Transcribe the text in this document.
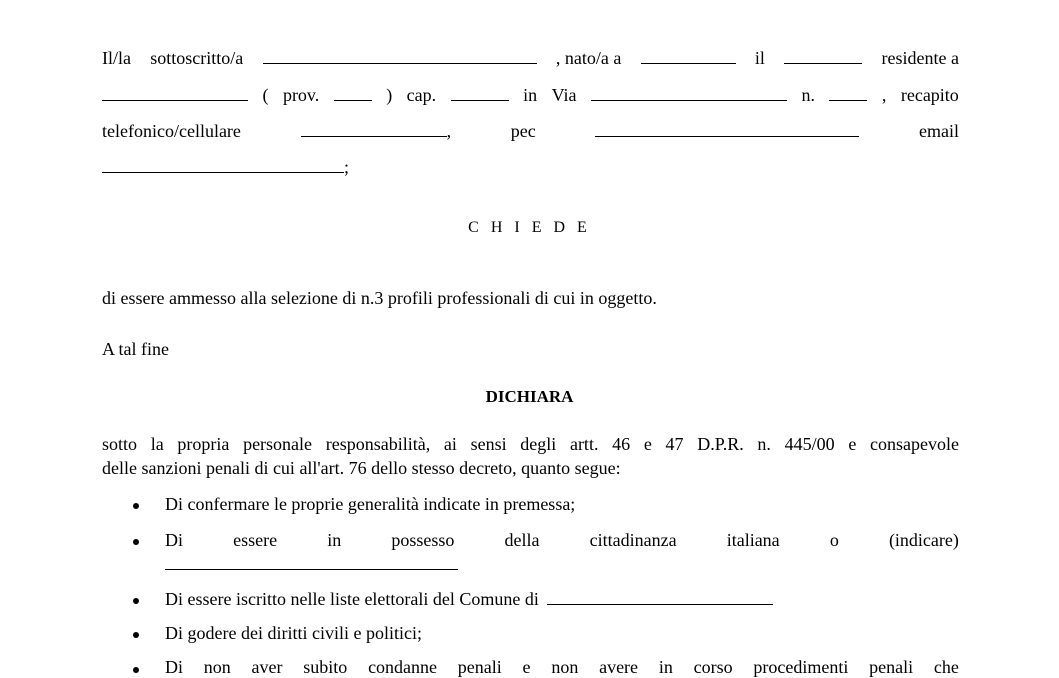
Il/la sottoscritto/a	, nato/a a	il	residente a
( prov.	) cap.	in Via	n.	, recapito
telefonico/cellulare	,	pec	email
;
C H I E D E
di essere ammesso alla selezione di n.3 profili professionali di cui in oggetto.
A tal fine
DICHIARA
sotto la propria personale responsabilità, ai sensi degli artt. 46 e 47 D.P.R. n. 445/00 e consapevole
delle sanzioni penali di cui all'art. 76 dello stesso decreto, quanto segue:
Di confermare le proprie generalità indicate in premessa;
Di	essere	in	possesso	della	cittadinanza	italiana	o	(indicare)
Di essere iscritto nelle liste elettorali del Comune di
Di godere dei diritti civili e politici;
Di non aver subito condanne penali e non avere in corso procedimenti penali che
